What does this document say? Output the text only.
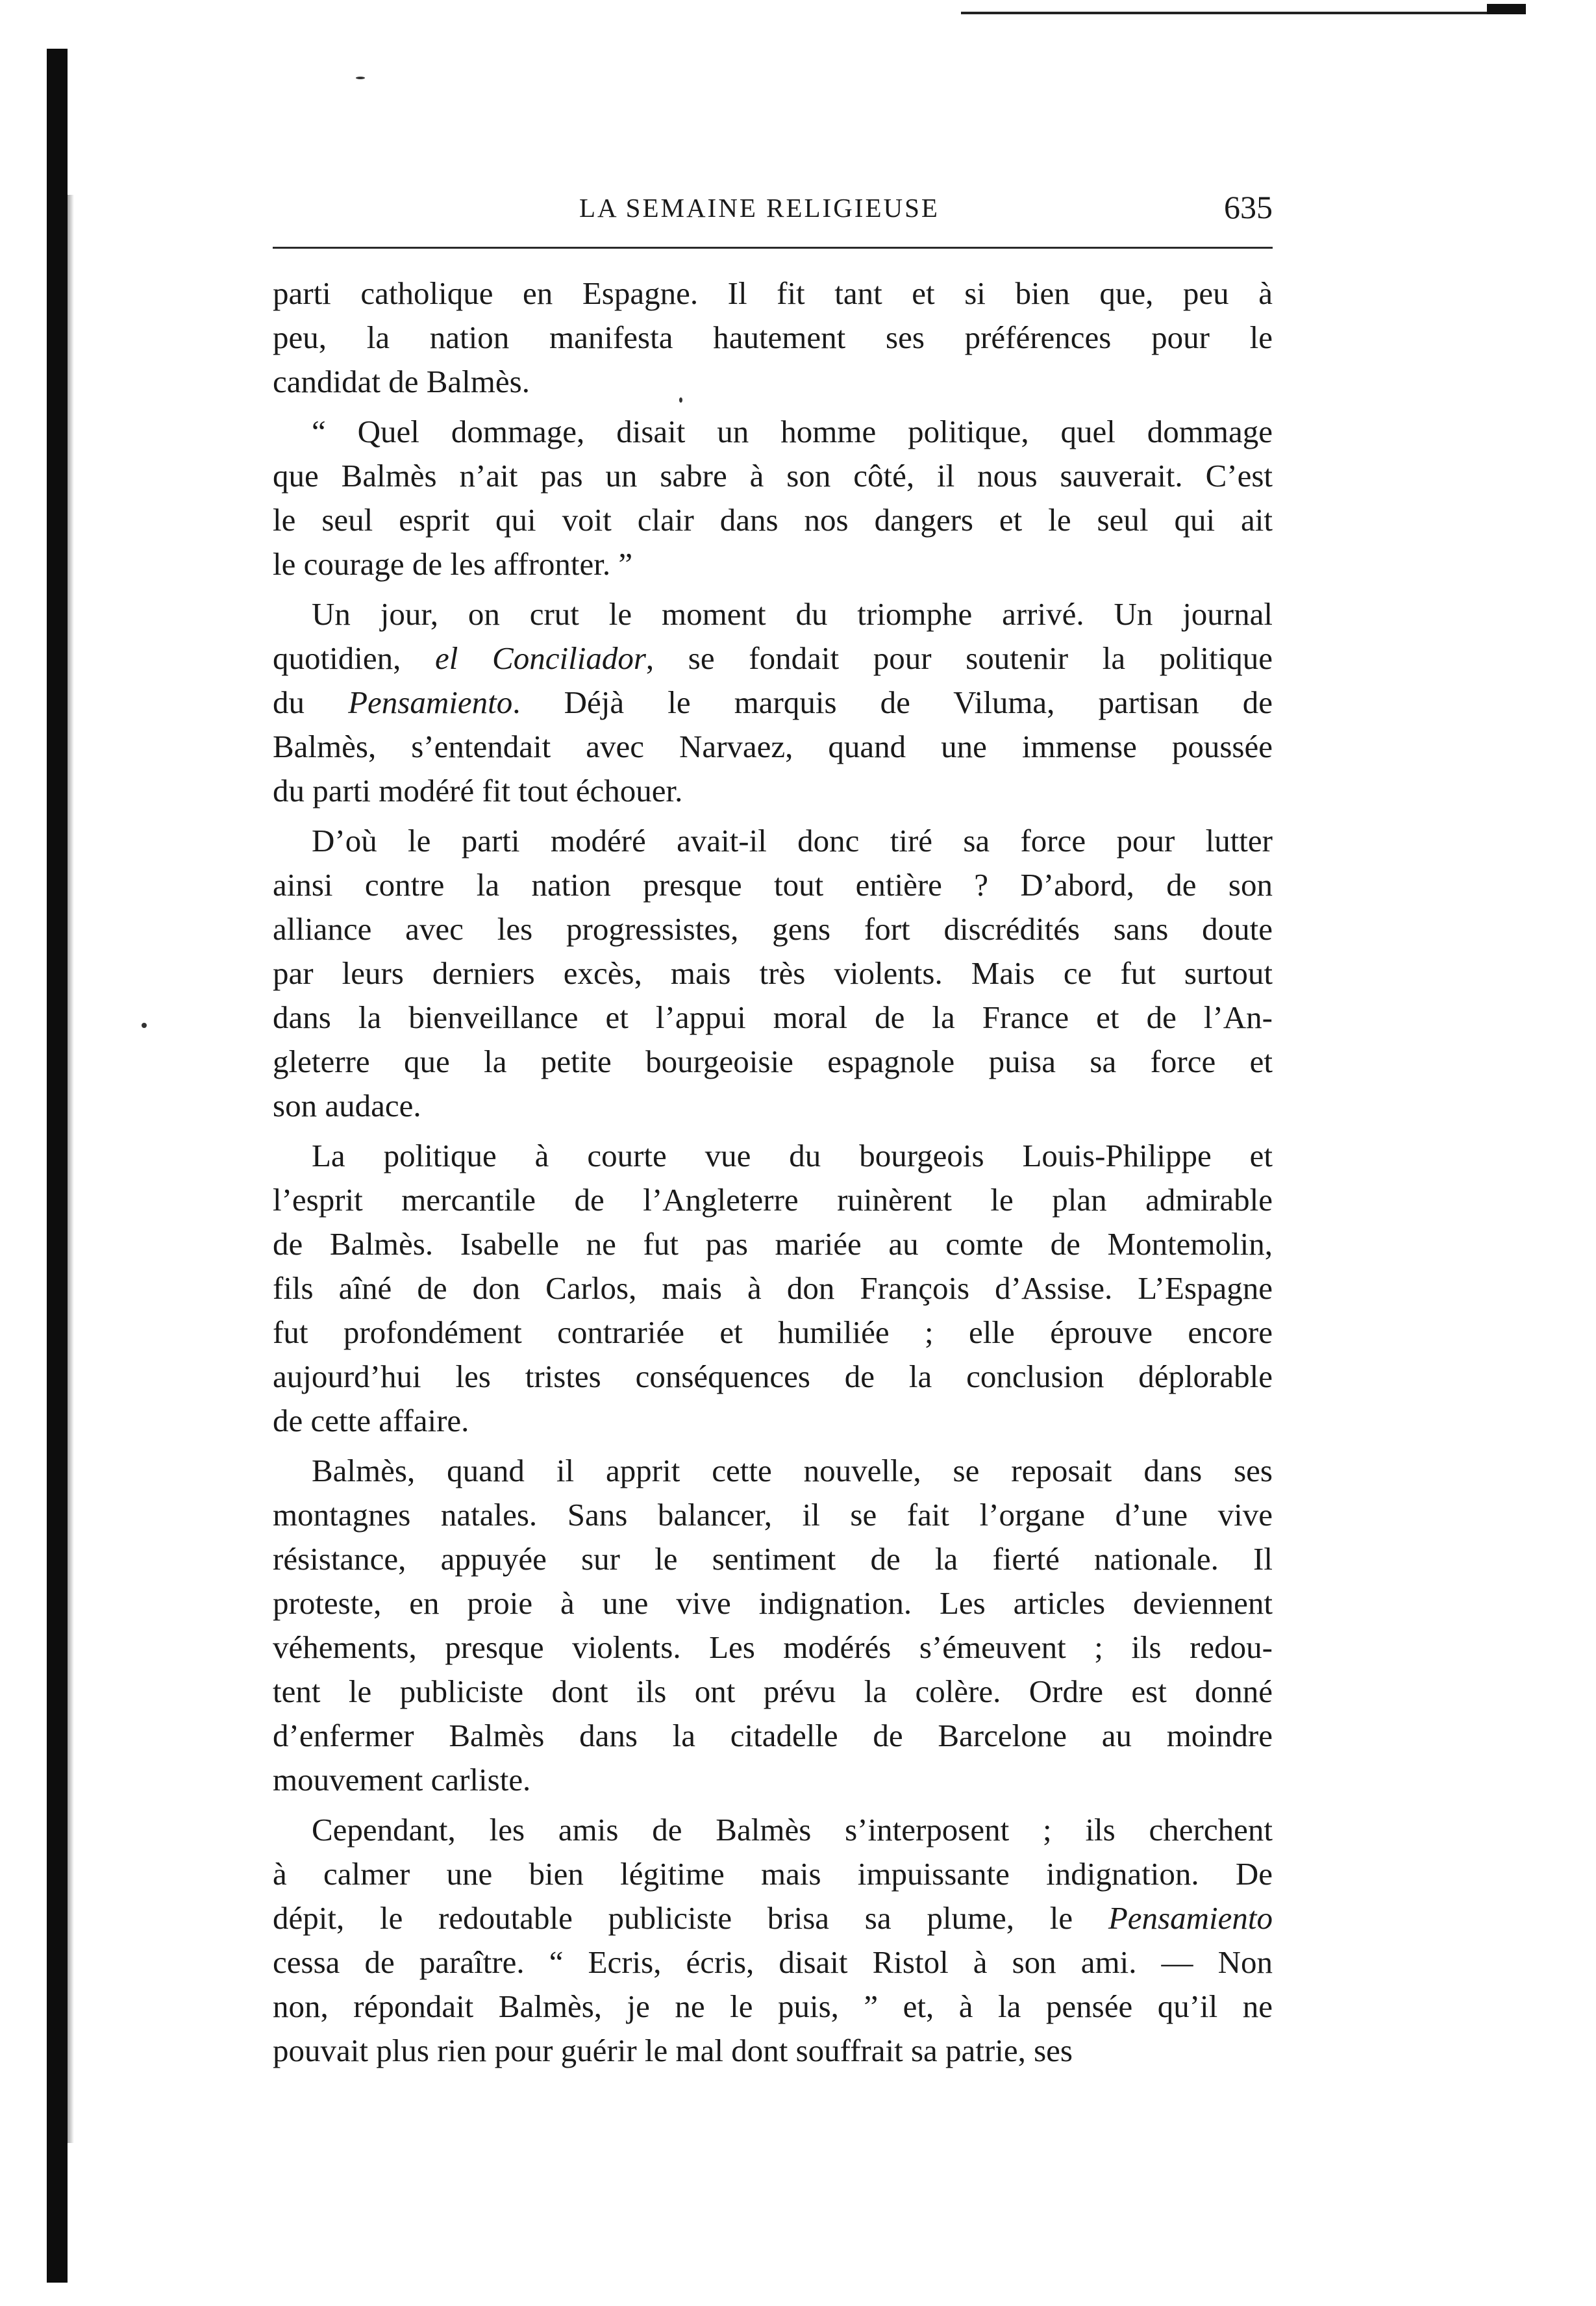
LA SEMAINE RELIGIEUSE	635
parti catholique en Espagne. Il fit tant et si bien que, peu à
peu, la nation manifesta hautement ses préférences pour le
candidat de Balmès.
“ Quel dommage, disait un homme politique, quel dommage
que Balmès n’ait pas un sabre à son côté, il nous sauverait. C’est
le seul esprit qui voit clair dans nos dangers et le seul qui ait
le courage de les affronter. ”
Un jour, on crut le moment du triomphe arrivé. Un journal
quotidien, el Conciliador, se fondait pour soutenir la politique
du Pensamiento. Déjà le marquis de Viluma, partisan de
Balmès, s’entendait avec Narvaez, quand une immense poussée
du parti modéré fit tout échouer.
D’où le parti modéré avait-il donc tiré sa force pour lutter
ainsi contre la nation presque tout entière ? D’abord, de son
alliance avec les progressistes, gens fort discrédités sans doute
par leurs derniers excès, mais très violents. Mais ce fut surtout
dans la bienveillance et l’appui moral de la France et de l’An-
gleterre que la petite bourgeoisie espagnole puisa sa force et
son audace.
La politique à courte vue du bourgeois Louis-Philippe et
l’esprit mercantile de l’Angleterre ruinèrent le plan admirable
de Balmès. Isabelle ne fut pas mariée au comte de Montemolin,
fils aîné de don Carlos, mais à don François d’Assise. L’Espagne
fut profondément contrariée et humiliée ; elle éprouve encore
aujourd’hui les tristes conséquences de la conclusion déplorable
de cette affaire.
Balmès, quand il apprit cette nouvelle, se reposait dans ses
montagnes natales. Sans balancer, il se fait l’organe d’une vive
résistance, appuyée sur le sentiment de la fierté nationale. Il
proteste, en proie à une vive indignation. Les articles deviennent
véhements, presque violents. Les modérés s’émeuvent ; ils redou-
tent le publiciste dont ils ont prévu la colère. Ordre est donné
d’enfermer Balmès dans la citadelle de Barcelone au moindre
mouvement carliste.
Cependant, les amis de Balmès s’interposent ; ils cherchent
à calmer une bien légitime mais impuissante indignation. De
dépit, le redoutable publiciste brisa sa plume, le Pensamiento
cessa de paraître. “ Ecris, écris, disait Ristol à son ami. — Non
non, répondait Balmès, je ne le puis, ” et, à la pensée qu’il ne
pouvait plus rien pour guérir le mal dont souffrait sa patrie, ses
